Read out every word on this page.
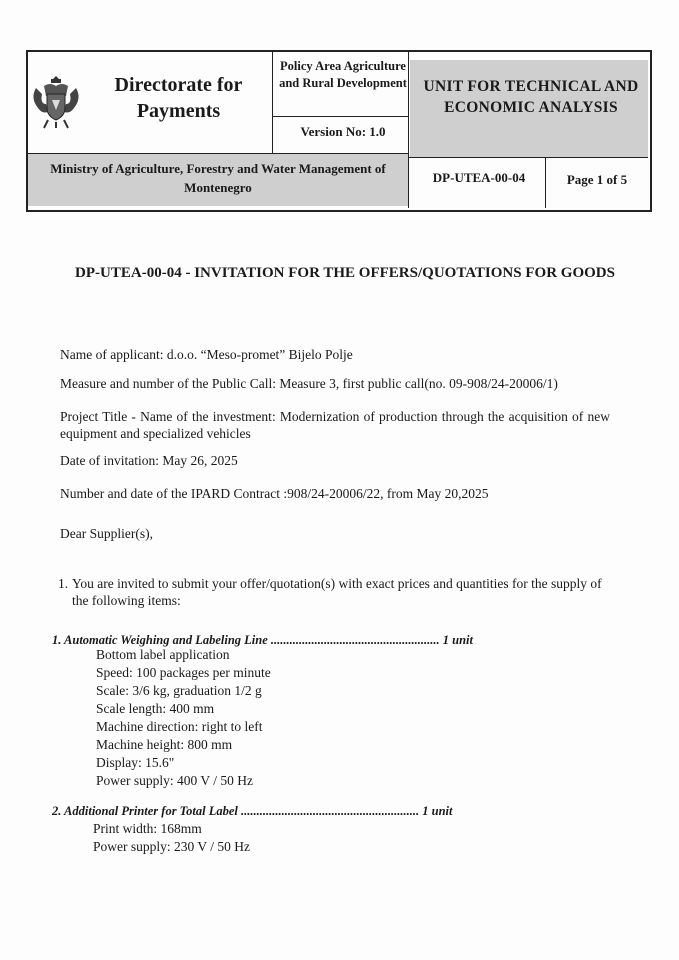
Directorate for Payments
Policy Area Agriculture and Rural Development
Version No: 1.0
UNIT FOR TECHNICAL AND ECONOMIC ANALYSIS
Ministry of Agriculture, Forestry and Water Management of Montenegro
DP-UTEA-00-04	Page 1 of 5
DP-UTEA-00-04 - INVITATION FOR THE OFFERS/QUOTATIONS FOR GOODS
Name of applicant: d.o.o. “Meso-promet” Bijelo Polje
Measure and number of the Public Call: Measure 3, first public call(no. 09-908/24-20006/1)
Project Title - Name of the investment: Modernization of production through the acquisition of new equipment and specialized vehicles
Date of invitation: May 26, 2025
Number and date of the IPARD Contract :908/24-20006/22, from May 20,2025
Dear Supplier(s),
1. You are invited to submit your offer/quotation(s) with exact prices and quantities for the supply of the following items:
1. Automatic Weighing and Labeling Line ...................................................... 1 unit
Bottom label application
Speed: 100 packages per minute
Scale: 3/6 kg, graduation 1/2 g
Scale length: 400 mm
Machine direction: right to left
Machine height: 800 mm
Display: 15.6"
Power supply: 400 V / 50 Hz
2. Additional Printer for Total Label ......................................................... 1 unit
Print width: 168mm
Power supply: 230 V / 50 Hz
